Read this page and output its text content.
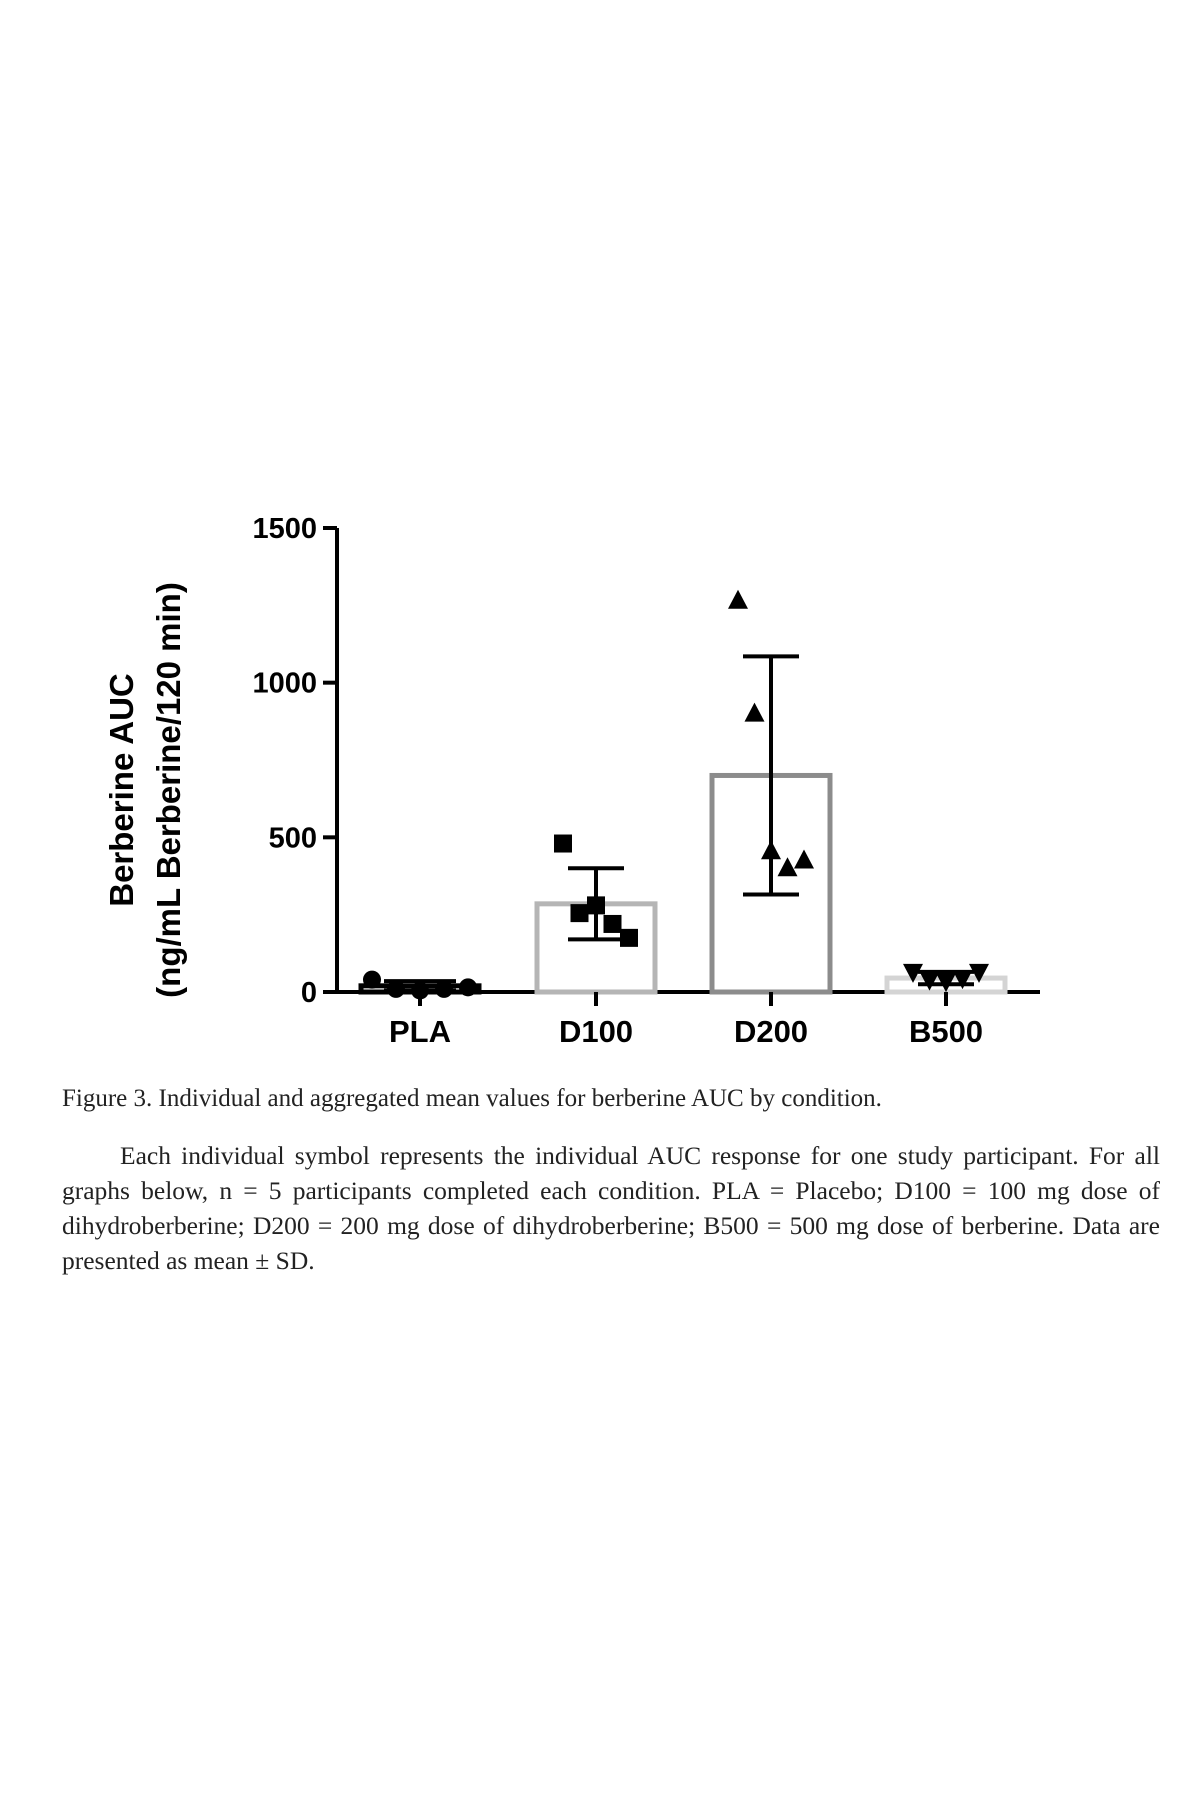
Berberine AUC (ng/mL Berberine/120 min)	0
500
1000
1500
PLA	D100	D200	B500

Figure 3. Individual and aggregated mean values for berberine AUC by condition.

Each individual symbol represents the individual AUC response for one study participant. For all graphs below, n = 5 participants completed each condition. PLA = Placebo; D100 = 100 mg dose of dihydroberberine; D200 = 200 mg dose of dihydroberberine; B500 = 500 mg dose of berberine. Data are presented as mean ± SD.
